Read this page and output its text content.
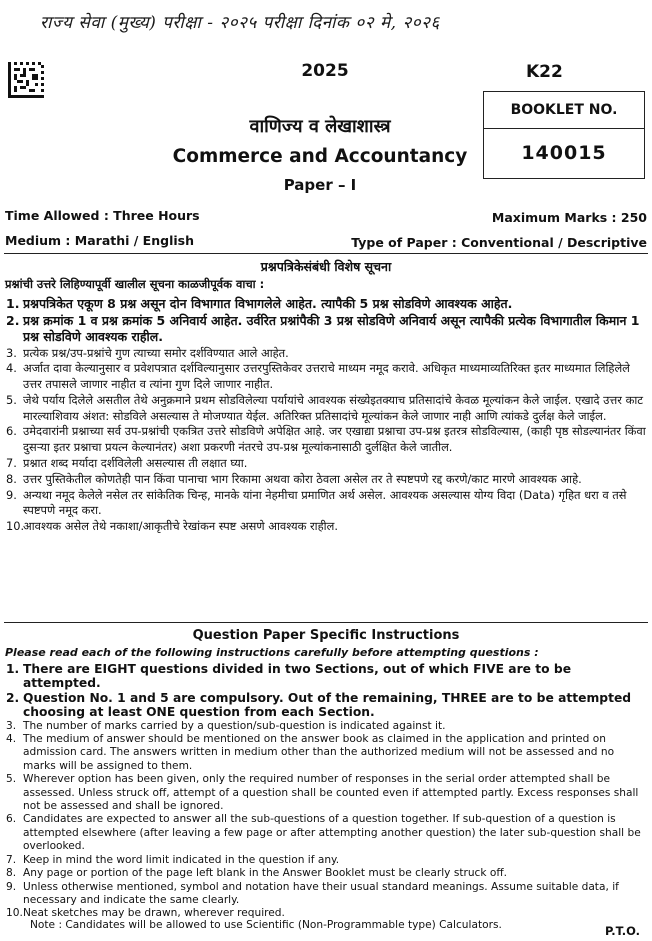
राज्य सेवा (मुख्य) परीक्षा - २०२५ परीक्षा दिनांक ०२ मे, २०२६
2025	K22
BOOKLET NO.
140015
वाणिज्य व लेखाशास्त्र
Commerce and Accountancy
Paper – I
Time Allowed : Three Hours	Maximum Marks : 250
Medium : Marathi / English	Type of Paper : Conventional / Descriptive
प्रश्नपत्रिकेसंबंधी विशेष सूचना
प्रश्नांची उत्तरे लिहिण्यापूर्वी खालील सूचना काळजीपूर्वक वाचा :
1. प्रश्नपत्रिकेत एकूण 8 प्रश्न असून दोन विभागात विभागलेले आहेत. त्यापैकी 5 प्रश्न सोडविणे आवश्यक आहेत.
2. प्रश्न क्रमांक 1 व प्रश्न क्रमांक 5 अनिवार्य आहेत. उर्वरित प्रश्नांपैकी 3 प्रश्न सोडविणे अनिवार्य असून त्यापैकी प्रत्येक विभागातील किमान 1 प्रश्न सोडविणे आवश्यक राहील.
3. प्रत्येक प्रश्न/उप-प्रश्नांचे गुण त्याच्या समोर दर्शविण्यात आले आहेत.
4. अर्जात दावा केल्यानुसार व प्रवेशपत्रात दर्शविल्यानुसार उत्तरपुस्तिकेवर उत्तराचे माध्यम नमूद करावे. अधिकृत माध्यमाव्यतिरिक्त इतर माध्यमात लिहिलेले उत्तर तपासले जाणार नाहीत व त्यांना गुण दिले जाणार नाहीत.
5. जेथे पर्याय दिलेले असतील तेथे अनुक्रमाने प्रथम सोडविलेल्या पर्यायांचे आवश्यक संख्येइतक्याच प्रतिसादांचे केवळ मूल्यांकन केले जाईल. एखादे उत्तर काट मारल्याशिवाय अंशत: सोडविले असल्यास ते मोजण्यात येईल. अतिरिक्त प्रतिसादांचे मूल्यांकन केले जाणार नाही आणि त्यांकडे दुर्लक्ष केले जाईल.
6. उमेदवारांनी प्रश्नाच्या सर्व उप-प्रश्नांची एकत्रित उत्तरे सोडविणे अपेक्षित आहे. जर एखाद्या प्रश्नाचा उप-प्रश्न इतरत्र सोडविल्यास, (काही पृष्ठ सोडल्यानंतर किंवा दुसऱ्या इतर प्रश्नाचा प्रयत्न केल्यानंतर) अशा प्रकरणी नंतरचे उप-प्रश्न मूल्यांकनासाठी दुर्लक्षित केले जातील.
7. प्रश्नात शब्द मर्यादा दर्शविलेली असल्यास ती लक्षात घ्या.
8. उत्तर पुस्तिकेतील कोणतेही पान किंवा पानाचा भाग रिकामा अथवा कोरा ठेवला असेल तर ते स्पष्टपणे रद्द करणे/काट मारणे आवश्यक आहे.
9. अन्यथा नमूद केलेले नसेल तर सांकेतिक चिन्ह, मानके यांना नेहमीचा प्रमाणित अर्थ असेल. आवश्यक असल्यास योग्य विदा (Data) गृहित धरा व तसे स्पष्टपणे नमूद करा.
10.
आवश्यक असेल तेथे नकाशा/आकृतीचे रेखांकन स्पष्ट असणे आवश्यक राहील.
Question Paper Specific Instructions
Please read each of the following instructions carefully before attempting questions :
1. There are EIGHT questions divided in two Sections, out of which FIVE are to be attempted.
2. Question No. 1 and 5 are compulsory. Out of the remaining, THREE are to be attempted choosing at least ONE question from each Section.
3. The number of marks carried by a question/sub-question is indicated against it.
4. The medium of answer should be mentioned on the answer book as claimed in the application and printed on admission card. The answers written in medium other than the authorized medium will not be assessed and no marks will be assigned to them.
5. Wherever option has been given, only the required number of responses in the serial order attempted shall be assessed. Unless struck off, attempt of a question shall be counted even if attempted partly. Excess responses shall not be assessed and shall be ignored.
6. Candidates are expected to answer all the sub-questions of a question together. If sub-question of a question is attempted elsewhere (after leaving a few page or after attempting another question) the later sub-question shall be overlooked.
7. Keep in mind the word limit indicated in the question if any.
8. Any page or portion of the page left blank in the Answer Booklet must be clearly struck off.
9. Unless otherwise mentioned, symbol and notation have their usual standard meanings. Assume suitable data, if necessary and indicate the same clearly.
10. Neat sketches may be drawn, wherever required.
Note : Candidates will be allowed to use Scientific (Non-Programmable type) Calculators.	P.T.O.
